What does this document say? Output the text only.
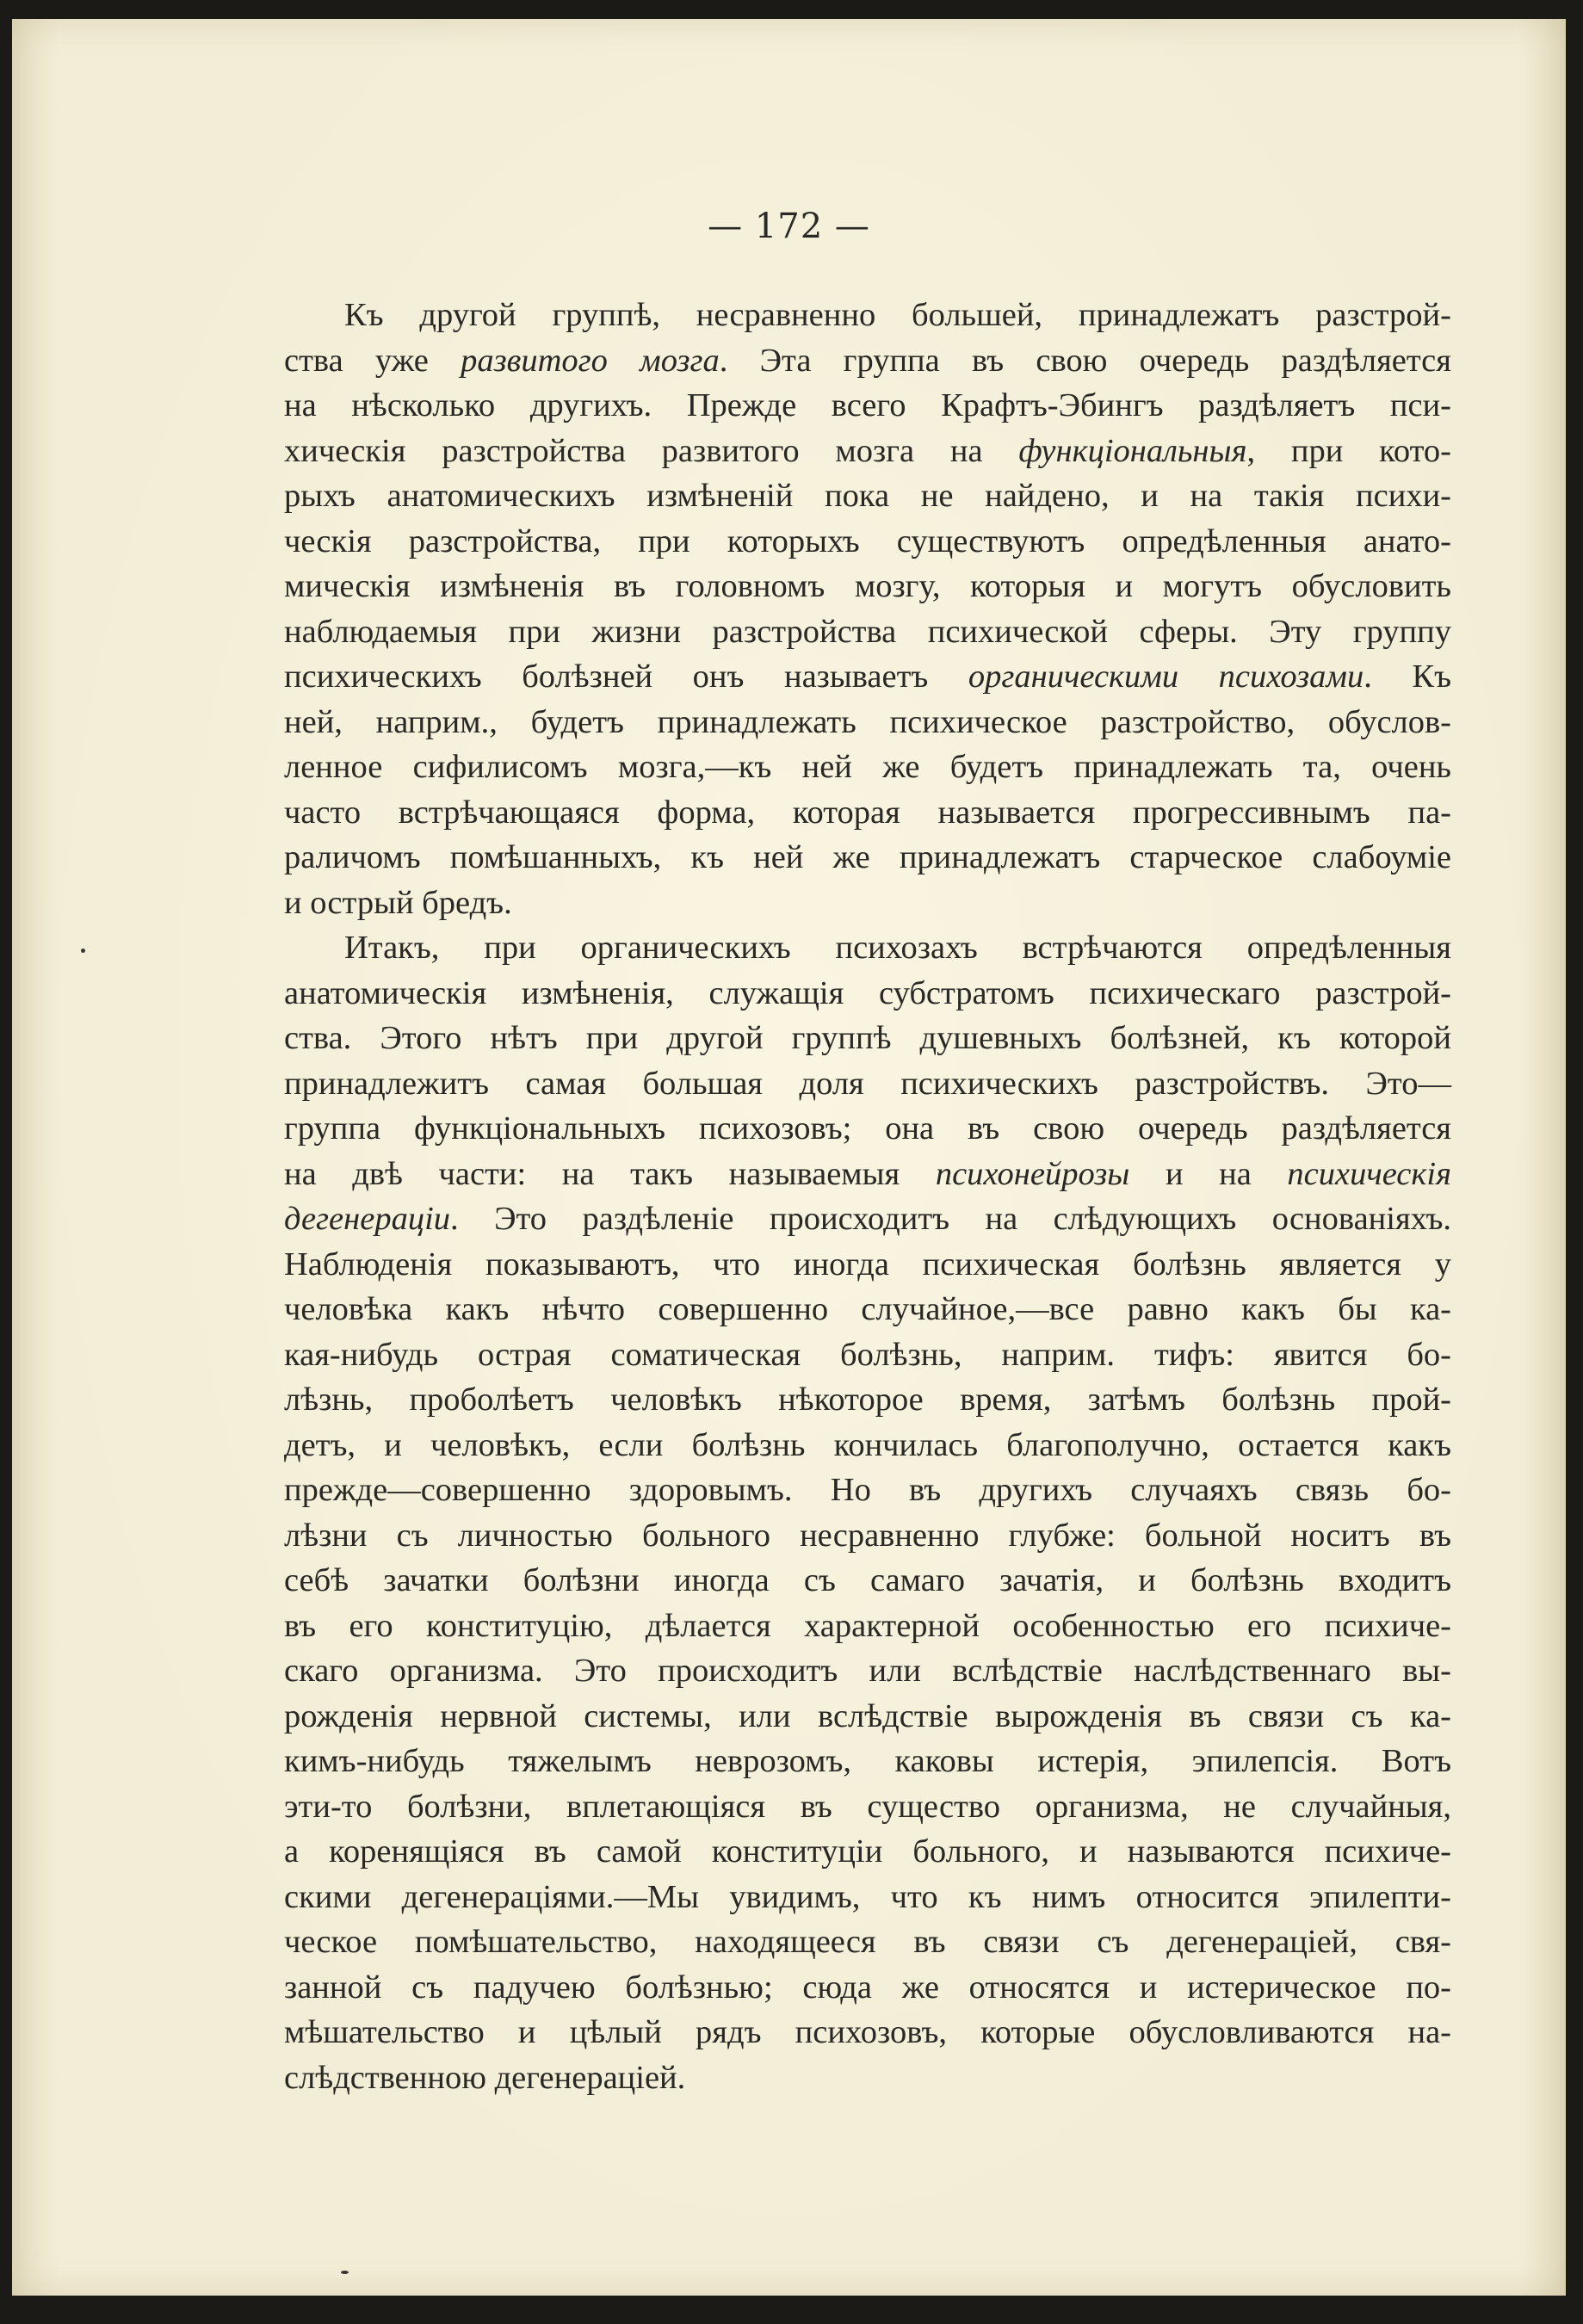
— 172 —
Къ другой группѣ, несравненно большей, принадлежатъ разстрой-
ства уже развитого мозга. Эта группа въ свою очередь раздѣляется
на нѣсколько другихъ. Прежде всего Крафтъ-Эбингъ раздѣляетъ пси-
хическія разстройства развитого мозга на функціональныя, при кото-
рыхъ анатомическихъ измѣненій пока не найдено, и на такія психи-
ческія разстройства, при которыхъ существуютъ опредѣленныя анато-
мическія измѣненія въ головномъ мозгу, которыя и могутъ обусловить
наблюдаемыя при жизни разстройства психической сферы. Эту группу
психическихъ болѣзней онъ называетъ органическими психозами. Къ
ней, наприм., будетъ принадлежать психическое разстройство, обуслов-
ленное сифилисомъ мозга,—къ ней же будетъ принадлежать та, очень
часто встрѣчающаяся форма, которая называется прогрессивнымъ па-
раличомъ помѣшанныхъ, къ ней же принадлежатъ старческое слабоуміе
и острый бредъ.
Итакъ, при органическихъ психозахъ встрѣчаются опредѣленныя
анатомическія измѣненія, служащія субстратомъ психическаго разстрой-
ства. Этого нѣтъ при другой группѣ душевныхъ болѣзней, къ которой
принадлежитъ самая большая доля психическихъ разстройствъ. Это—
группа функціональныхъ психозовъ; она въ свою очередь раздѣляется
на двѣ части: на такъ называемыя психонейрозы и на психическія
дегенераціи. Это раздѣленіе происходитъ на слѣдующихъ основаніяхъ.
Наблюденія показываютъ, что иногда психическая болѣзнь является у
человѣка какъ нѣчто совершенно случайное,—все равно какъ бы ка-
кая-нибудь острая соматическая болѣзнь, наприм. тифъ: явится бо-
лѣзнь, проболѣетъ человѣкъ нѣкоторое время, затѣмъ болѣзнь прой-
детъ, и человѣкъ, если болѣзнь кончилась благополучно, остается какъ
прежде—совершенно здоровымъ. Но въ другихъ случаяхъ связь бо-
лѣзни съ личностью больного несравненно глубже: больной носитъ въ
себѣ зачатки болѣзни иногда съ самаго зачатія, и болѣзнь входитъ
въ его конституцію, дѣлается характерной особенностью его психиче-
скаго организма. Это происходитъ или вслѣдствіе наслѣдственнаго вы-
рожденія нервной системы, или вслѣдствіе вырожденія въ связи съ ка-
кимъ-нибудь тяжелымъ неврозомъ, каковы истерія, эпилепсія. Вотъ
эти-то болѣзни, вплетающіяся въ существо организма, не случайныя,
а коренящіяся въ самой конституціи больного, и называются психиче-
скими дегенераціями.—Мы увидимъ, что къ нимъ относится эпилепти-
ческое помѣшательство, находящееся въ связи съ дегенераціей, свя-
занной съ падучею болѣзнью; сюда же относятся и истерическое по-
мѣшательство и цѣлый рядъ психозовъ, которые обусловливаются на-
слѣдственною дегенераціей.
